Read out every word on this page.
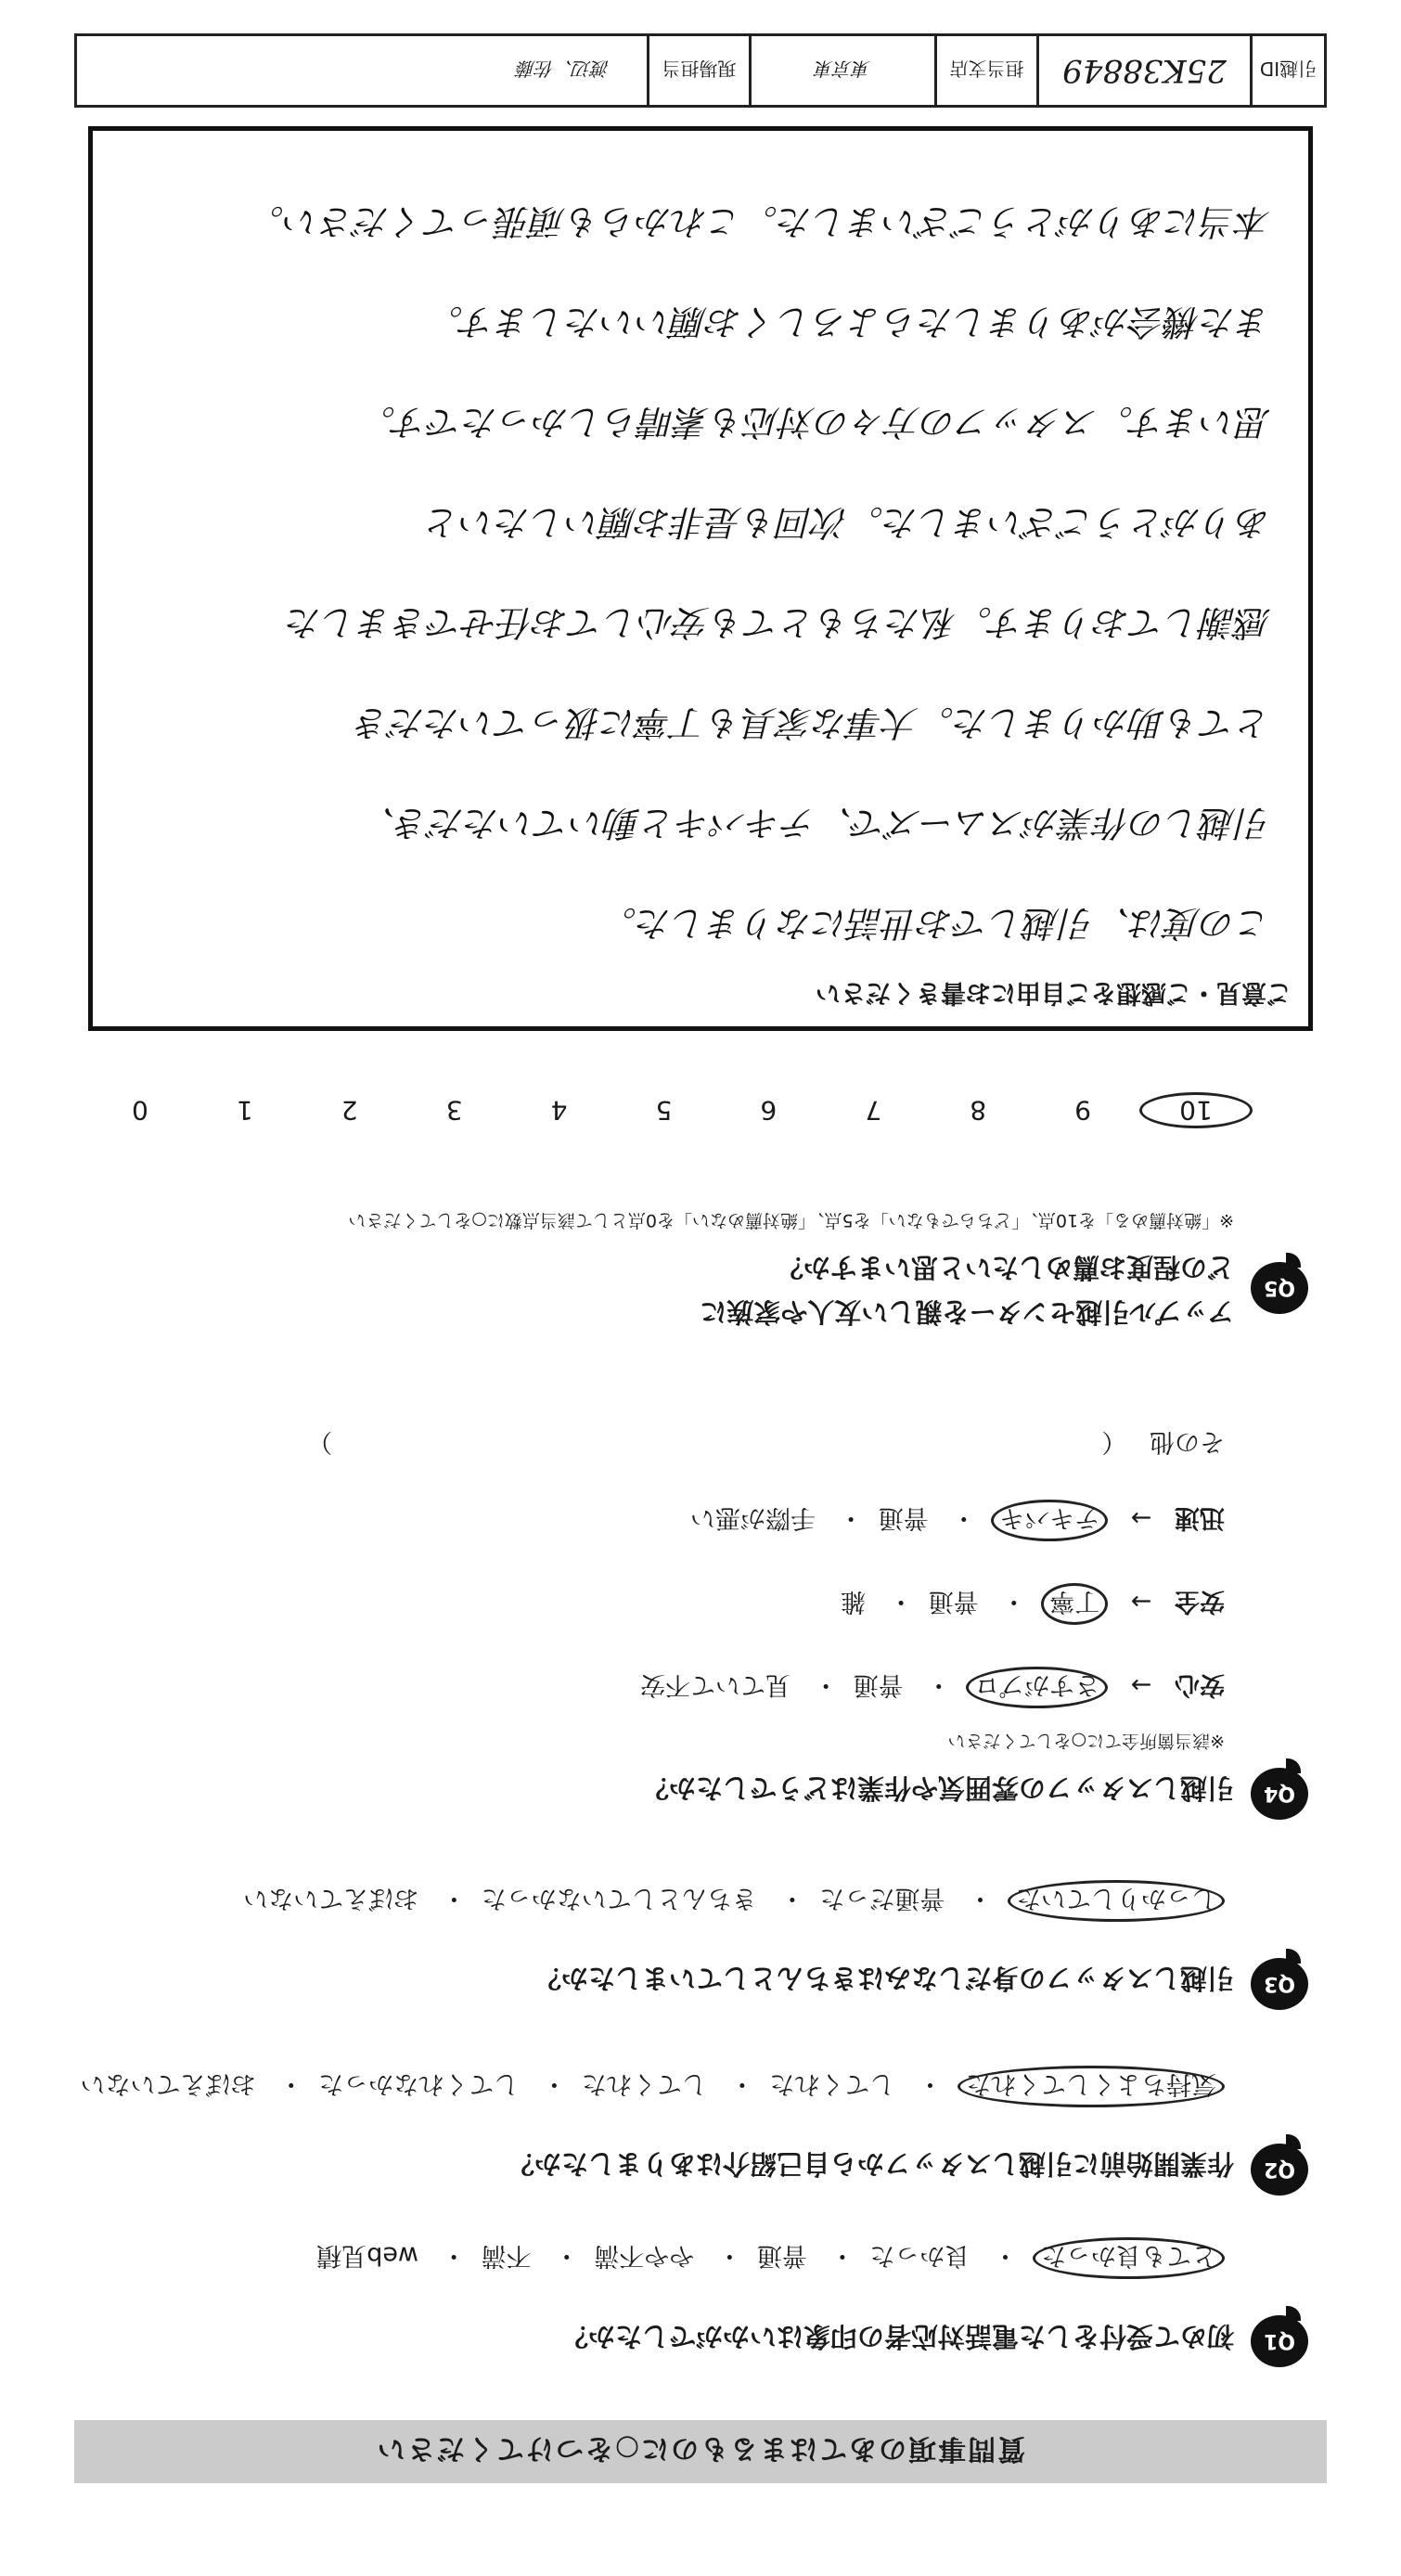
引越ID
25K38849
担当支店
東京東
現場担当
渡辺、佐藤
質問事項のあてはまるものに○をつけてください
Q1
初めて受付をした電話対応者の印象はいかがでしたか？
とても良かった・ 良かった・ 普通・ やや不満・ 不満・ web見積
Q2
作業開始前に引越しスタッフから自己紹介はありましたか？
気持ちよくしてくれた・ してくれた・ してくれた・ してくれなかった・ おぼえていない
Q3
引越しスタッフの身だしなみはきちんとしていましたか？
しっかりしていた・ 普通だった・ きちんとしていなかった・ おぼえていない
Q4
引越しスタッフの雰囲気や作業はどうでしたか？
※該当箇所全てに○をしてください
安心 → さすがプロ・ 普通・ 見ていて不安
安全 → 丁寧・ 普通・ 雑
迅速 → テキパキ・ 普通・ 手際が悪い
その他 （  ）
Q5
アップル引越センターを親しい友人や家族に
どの程度お薦めしたいと思いますか？
※「絶対薦める」を10点、「どちらでもない」を5点、「絶対薦めない」を0点として該当点数に○をしてください
10 9 8 7 6 5 4 3 2 1 0
ご意見・ご感想をご自由にお書きください
この度は、引越しでお世話になりました。
引越しの作業がスムーズで、テキパキと動いていただき、
とても助かりました。大事な家具も丁寧に扱っていただき
感謝しております。私たちもとても安心してお任せできました
ありがとうございました。次回も是非お願いしたいと
思います。スタッフの方々の対応も素晴らしかったです。
また機会がありましたらよろしくお願いいたします。
本当にありがとうございました。これからも頑張ってください。
